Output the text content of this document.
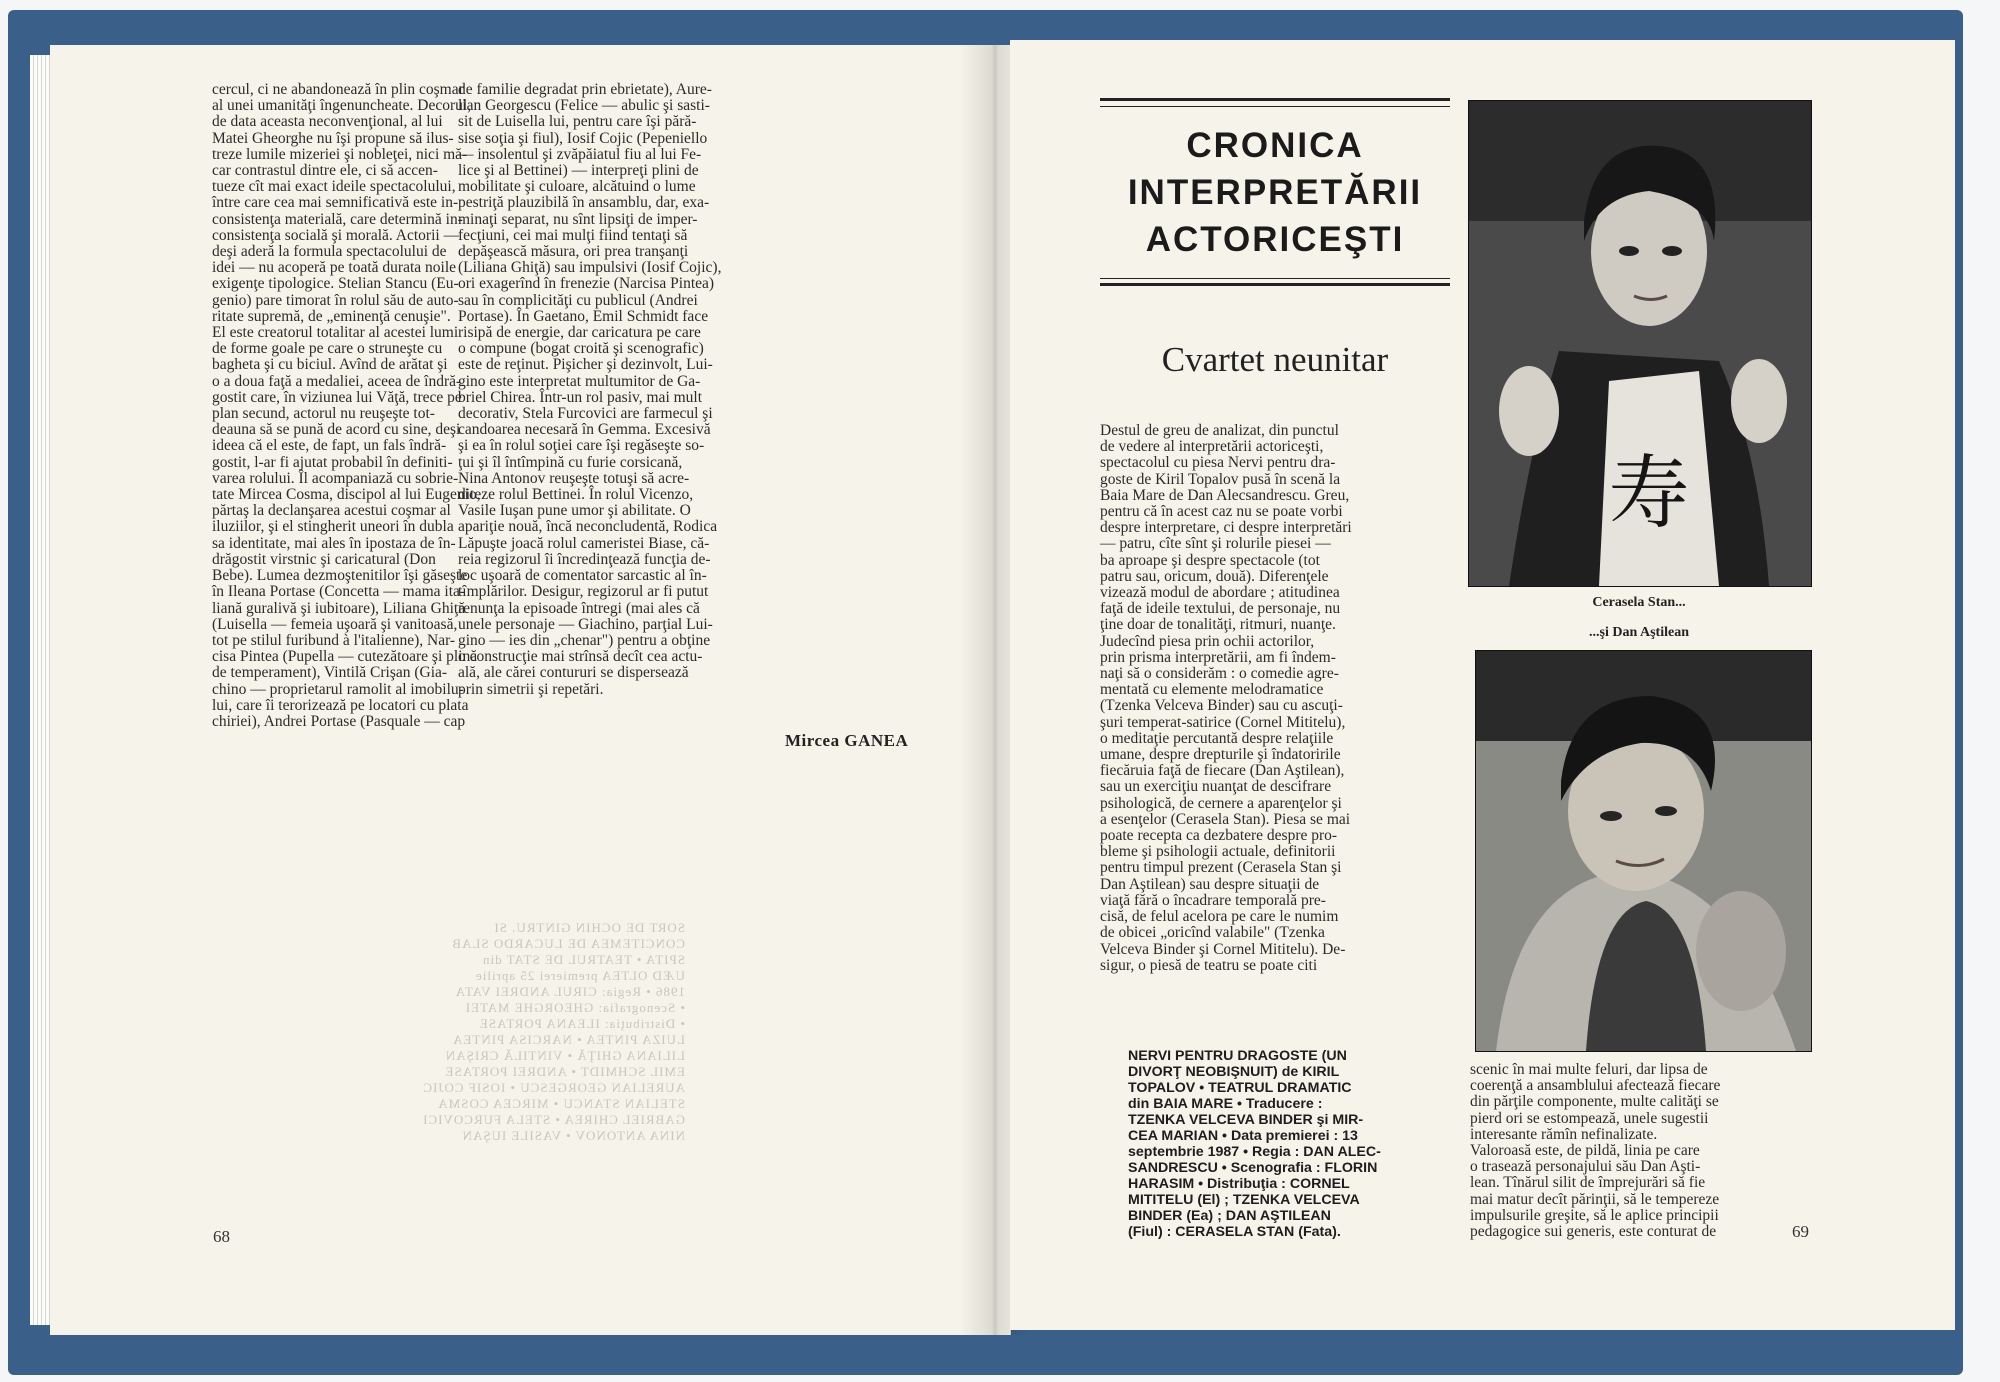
cercul, ci ne abandonează în plin coşmar
al unei umanităţi îngenuncheate. Decorul,
de data aceasta neconvenţional, al lui
Matei Gheorghe nu îşi propune să ilus-
treze lumile mizeriei şi nobleţei, nici mă-
car contrastul dintre ele, ci să accen-
tueze cît mai exact ideile spectacolului,
între care cea mai semnificativă este in-
consistenţa materială, care determină in-
consistenţa socială şi morală. Actorii —
deşi aderă la formula spectacolului de
idei — nu acoperă pe toată durata noile
exigenţe tipologice. Stelian Stancu (Eu-
genio) pare timorat în rolul său de auto-
ritate supremă, de „eminenţă cenuşie".
El este creatorul totalitar al acestei lumi
de forme goale pe care o struneşte cu
bagheta şi cu biciul. Avînd de arătat şi
o a doua faţă a medaliei, aceea de îndră-
gostit care, în viziunea lui Văţă, trece pe
plan secund, actorul nu reuşeşte tot-
deauna să se pună de acord cu sine, deşi
ideea că el este, de fapt, un fals îndră-
gostit, l-ar fi ajutat probabil în definiti-
varea rolului. Îl acompaniază cu sobrie-
tate Mircea Cosma, discipol al lui Eugenio,
părtaş la declanşarea acestui coşmar al
iluziilor, şi el stingherit uneori în dubla
sa identitate, mai ales în ipostaza de în-
drăgostit virstnic şi caricatural (Don
Bebe). Lumea dezmoştenitilor îşi găseşte
în Ileana Portase (Concetta — mama ita-
liană guralivă şi iubitoare), Liliana Ghiţă
(Luisella — femeia uşoară şi vanitoasă,
tot pe stilul furibund à l'italienne), Nar-
cisa Pintea (Pupella — cutezătoare şi plină
de temperament), Vintilă Crişan (Gia-
chino — proprietarul ramolit al imobilu-
lui, care îi terorizează pe locatori cu plata
chiriei), Andrei Portase (Pasquale — cap
de familie degradat prin ebrietate), Aure-
lian Georgescu (Felice — abulic şi sasti-
sit de Luisella lui, pentru care îşi pără-
sise soţia şi fiul), Iosif Cojic (Pepeniello
— insolentul şi zvăpăiatul fiu al lui Fe-
lice şi al Bettinei) — interpreţi plini de
mobilitate şi culoare, alcătuind o lume
pestriţă plauzibilă în ansamblu, dar, exa-
minaţi separat, nu sînt lipsiţi de imper-
fecţiuni, cei mai mulţi fiind tentaţi să
depăşească măsura, ori prea tranşanţi
(Liliana Ghiţă) sau impulsivi (Iosif Cojic),
ori exagerînd în frenezie (Narcisa Pintea)
sau în complicităţi cu publicul (Andrei
Portase). În Gaetano, Emil Schmidt face
risipă de energie, dar caricatura pe care
o compune (bogat croită şi scenografic)
este de reţinut. Pişicher şi dezinvolt, Lui-
gino este interpretat multumitor de Ga-
briel Chirea. Într-un rol pasiv, mai mult
decorativ, Stela Furcovici are farmecul şi
candoarea necesară în Gemma. Excesivă
şi ea în rolul soţiei care îşi regăseşte so-
ţui şi îl întîmpină cu furie corsicană,
Nina Antonov reuşeşte totuşi să acre-
diteze rolul Bettinei. În rolul Vicenzo,
Vasile Iuşan pune umor şi abilitate. O
apariţie nouă, încă neconcludentă, Rodica
Lăpuşte joacă rolul cameristei Biase, că-
reia regizorul îi încredinţează funcţia de-
loc uşoară de comentator sarcastic al în-
tîmplărilor. Desigur, regizorul ar fi putut
renunţa la episoade întregi (mai ales că
unele personaje — Giachino, parţial Lui-
gino — ies din „chenar") pentru a obţine
o construcţie mai strînsă decît cea actu-
ală, ale cărei contururi se dispersează
prin simetrii şi repetări.
Mircea GANEA
SORT DE OCHIN GINTRU. SI
CONCITEMEA DE LUCARDO SLAB
SPITA • TEATRUL DE STAT din
UÆD OLTEA premierei 25 aprilie
1986 • Regia: CIRUL ANDREI VATA
• Scenografia: GHEORGHE MATEI
• Distribuţia: ILEANA PORTASE
LUIZA PINTEA • NARCISA PINTEA
LILIANA GHIŢĂ • VINTILĂ CRIŞAN
EMIL SCHMIDT • ANDREI PORTASE
AURELIAN GEORGESCU • IOSIF COJIC
STELIAN STANCU • MIRCEA COSMA
GABRIEL CHIREA • STELA FURCOVICI
NINA ANTONOV • VASILE IUŞAN
68
CRONICA
INTERPRETĂRII
ACTORICEŞTI
Cvartet neunitar
Destul de greu de analizat, din punctul
de vedere al interpretării actoriceşti,
spectacolul cu piesa Nervi pentru dra-
goste de Kiril Topalov pusă în scenă la
Baia Mare de Dan Alecsandrescu. Greu,
pentru că în acest caz nu se poate vorbi
despre interpretare, ci despre interpretări
— patru, cîte sînt şi rolurile piesei —
ba aproape şi despre spectacole (tot
patru sau, oricum, două). Diferenţele
vizează modul de abordare ; atitudinea
faţă de ideile textului, de personaje, nu
ţine doar de tonalităţi, ritmuri, nuanţe.
Judecînd piesa prin ochii actorilor,
prin prisma interpretării, am fi îndem-
naţi să o considerăm : o comedie agre-
mentată cu elemente melodramatice
(Tzenka Velceva Binder) sau cu ascuţi-
şuri temperat-satirice (Cornel Mititelu),
o meditaţie percutantă despre relaţiile
umane, despre drepturile şi îndatoririle
fiecăruia faţă de fiecare (Dan Aştilean),
sau un exerciţiu nuanţat de descifrare
psihologică, de cernere a aparenţelor şi
a esenţelor (Cerasela Stan). Piesa se mai
poate recepta ca dezbatere despre pro-
bleme şi psihologii actuale, definitorii
pentru timpul prezent (Cerasela Stan şi
Dan Aştilean) sau despre situaţii de
viaţă fără o încadrare temporală pre-
cisă, de felul acelora pe care le numim
de obicei „oricînd valabile" (Tzenka
Velceva Binder şi Cornel Mititelu). De-
sigur, o piesă de teatru se poate citi
NERVI PENTRU DRAGOSTE (UN
DIVORŢ NEOBIŞNUIT) de KIRIL
TOPALOV • TEATRUL DRAMATIC
din BAIA MARE • Traducere :
TZENKA VELCEVA BINDER şi MIR-
CEA MARIAN • Data premierei : 13
septembrie 1987 • Regia : DAN ALEC-
SANDRESCU • Scenografia : FLORIN
HARASIM • Distribuţia : CORNEL
MITITELU (El) ; TZENKA VELCEVA
BINDER (Ea) ; DAN AŞTILEAN
(Fiul) : CERASELA STAN (Fata).
寿
Cerasela Stan...
...şi Dan Aştilean
scenic în mai multe feluri, dar lipsa de
coerenţă a ansamblului afectează fiecare
din părţile componente, multe calităţi se
pierd ori se estompează, unele sugestii
interesante rămîn nefinalizate.
Valoroasă este, de pildă, linia pe care
o trasează personajului său Dan Aşti-
lean. Tînărul silit de împrejurări să fie
mai matur decît părinţii, să le tempereze
impulsurile greşite, să le aplice principii
pedagogice sui generis, este conturat de	69
